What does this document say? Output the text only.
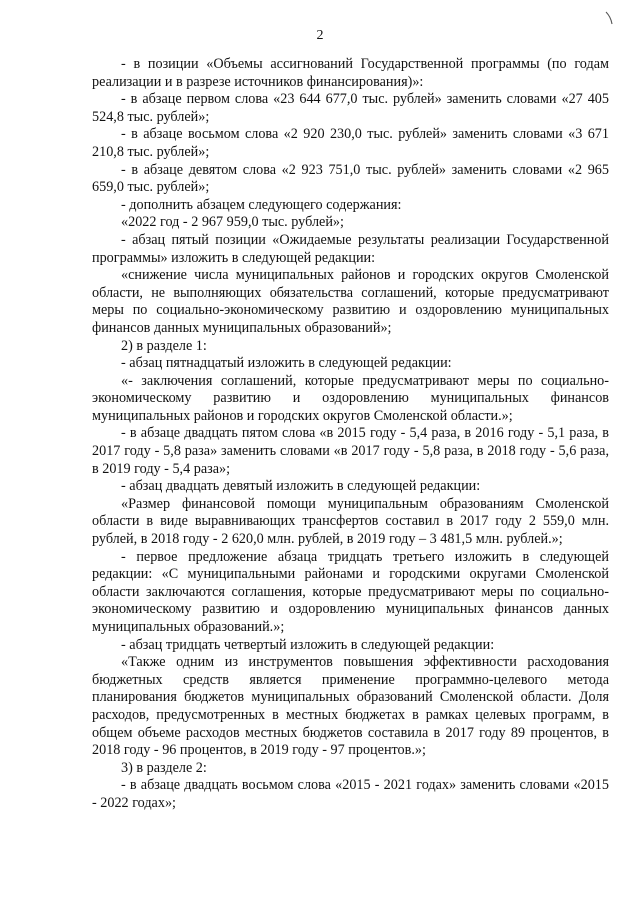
2

- в позиции «Объемы ассигнований Государственной программы (по годам реализации и в разрезе источников финансирования)»:

- в абзаце первом слова «23 644 677,0 тыс. рублей» заменить словами «27 405 524,8 тыс. рублей»;

- в абзаце восьмом слова «2 920 230,0 тыс. рублей» заменить словами «3 671 210,8 тыс. рублей»;

- в абзаце девятом слова «2 923 751,0 тыс. рублей» заменить словами «2 965 659,0 тыс. рублей»;

- дополнить абзацем следующего содержания:

«2022 год - 2 967 959,0 тыс. рублей»;

- абзац пятый позиции «Ожидаемые результаты реализации Государственной программы» изложить в следующей редакции:

«снижение числа муниципальных районов и городских округов Смоленской области, не выполняющих обязательства соглашений, которые предусматривают меры по социально-экономическому развитию и оздоровлению муниципальных финансов данных муниципальных образований»;

2) в разделе 1:

- абзац пятнадцатый изложить в следующей редакции:

«- заключения соглашений, которые предусматривают меры по социально-экономическому развитию и оздоровлению муниципальных финансов муниципальных районов и городских округов Смоленской области.»;

- в абзаце двадцать пятом слова «в 2015 году - 5,4 раза, в 2016 году - 5,1 раза, в 2017 году - 5,8 раза» заменить словами «в 2017 году - 5,8 раза, в 2018 году - 5,6 раза, в 2019 году - 5,4 раза»;

- абзац двадцать девятый изложить в следующей редакции:

«Размер финансовой помощи муниципальным образованиям Смоленской области в виде выравнивающих трансфертов составил в 2017 году 2 559,0 млн. рублей, в 2018 году - 2 620,0 млн. рублей, в 2019 году – 3 481,5 млн. рублей.»;

- первое предложение абзаца тридцать третьего изложить в следующей редакции: «С муниципальными районами и городскими округами Смоленской области заключаются соглашения, которые предусматривают меры по социально-экономическому развитию и оздоровлению муниципальных финансов данных муниципальных образований.»;

- абзац тридцать четвертый изложить в следующей редакции:

«Также одним из инструментов повышения эффективности расходования бюджетных средств является применение программно-целевого метода планирования бюджетов муниципальных образований Смоленской области. Доля расходов, предусмотренных в местных бюджетах в рамках целевых программ, в общем объеме расходов местных бюджетов составила в 2017 году 89 процентов, в 2018 году - 96 процентов, в 2019 году - 97 процентов.»;

3) в разделе 2:

- в абзаце двадцать восьмом слова «2015 - 2021 годах» заменить словами «2015 - 2022 годах»;
